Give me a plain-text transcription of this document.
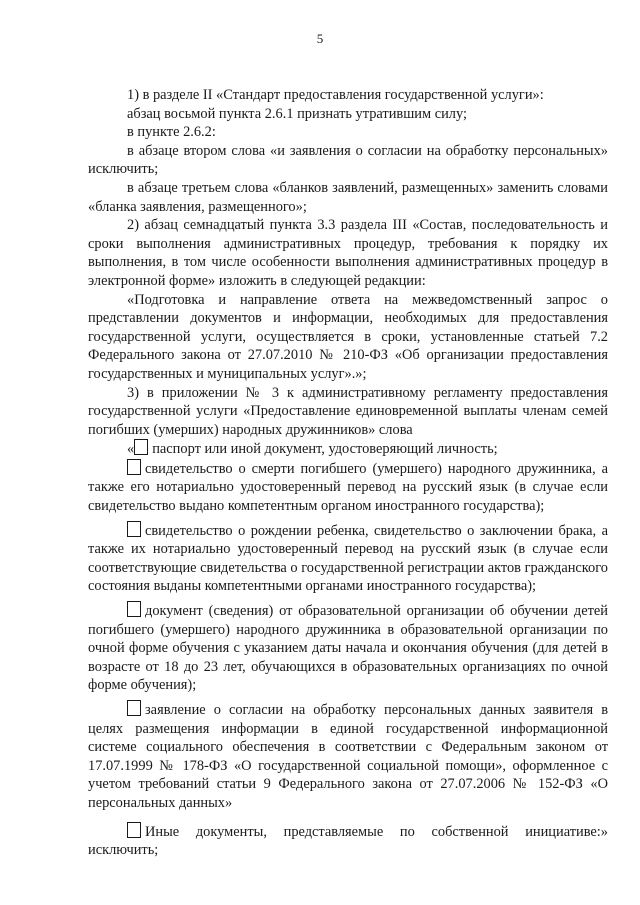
5

1) в разделе II «Стандарт предоставления государственной услуги»:

абзац восьмой пункта 2.6.1 признать утратившим силу;

в пункте 2.6.2:

в абзаце втором слова «и заявления о согласии на обработку персональных» исключить;

в абзаце третьем слова «бланков заявлений, размещенных» заменить словами «бланка заявления, размещенного»;

2) абзац семнадцатый пункта 3.3 раздела III «Состав, последовательность и сроки выполнения административных процедур, требования к порядку их выполнения, в том числе особенности выполнения административных процедур в электронной форме» изложить в следующей редакции:

«Подготовка и направление ответа на межведомственный запрос о представлении документов и информации, необходимых для предоставления государственной услуги, осуществляется в сроки, установленные статьей 7.2 Федерального закона от 27.07.2010 № 210-ФЗ «Об организации предоставления государственных и муниципальных услуг».»;

3) в приложении № 3 к административному регламенту предоставления государственной услуги «Предоставление единовременной выплаты членам семей погибших (умерших) народных дружинников» слова

« паспорт или иной документ, удостоверяющий личность;

свидетельство о смерти погибшего (умершего) народного дружинника, а также его нотариально удостоверенный перевод на русский язык (в случае если свидетельство выдано компетентным органом иностранного государства);

свидетельство о рождении ребенка, свидетельство о заключении брака, а также их нотариально удостоверенный перевод на русский язык (в случае если соответствующие свидетельства о государственной регистрации актов гражданского состояния выданы компетентными органами иностранного государства);

документ (сведения) от образовательной организации об обучении детей погибшего (умершего) народного дружинника в образовательной организации по очной форме обучения с указанием даты начала и окончания обучения (для детей в возрасте от 18 до 23 лет, обучающихся в образовательных организациях по очной форме обучения);

заявление о согласии на обработку персональных данных заявителя в целях размещения информации в единой государственной информационной системе социального обеспечения в соответствии с Федеральным законом от 17.07.1999 № 178-ФЗ «О государственной социальной помощи», оформленное с учетом требований статьи 9 Федерального закона от 27.07.2006 № 152-ФЗ «О персональных данных»

Иные документы, представляемые по собственной инициативе:» исключить;
